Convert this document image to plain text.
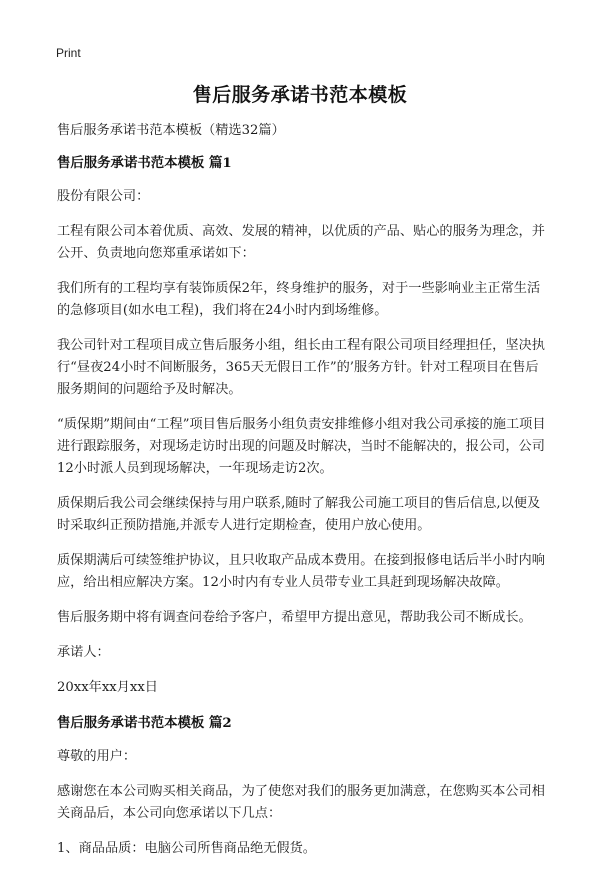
Print
售后服务承诺书范本模板

售后服务承诺书范本模板（精选32篇）

售后服务承诺书范本模板 篇1

股份有限公司：

工程有限公司本着优质、高效、发展的精神，以优质的产品、贴心的服务为理念，并公开、负责地向您郑重承诺如下：

我们所有的工程均享有装饰质保2年，终身维护的服务，对于一些影响业主正常生活的急修项目(如水电工程)，我们将在24小时内到场维修。

我公司针对工程项目成立售后服务小组，组长由工程有限公司项目经理担任，坚决执行“昼夜24小时不间断服务，365天无假日工作”的’服务方针。针对工程项目在售后服务期间的问题给予及时解决。

“质保期”期间由“工程”项目售后服务小组负责安排维修小组对我公司承接的施工项目进行跟踪服务，对现场走访时出现的问题及时解决，当时不能解决的，报公司，公司12小时派人员到现场解决，一年现场走访2次。

质保期后我公司会继续保持与用户联系,随时了解我公司施工项目的售后信息,以便及时采取纠正预防措施,并派专人进行定期检查，使用户放心使用。

质保期满后可续签维护协议，且只收取产品成本费用。在接到报修电话后半小时内响应，给出相应解决方案。12小时内有专业人员带专业工具赶到现场解决故障。

售后服务期中将有调查问卷给予客户，希望甲方提出意见，帮助我公司不断成长。

承诺人：

20xx年xx月xx日

售后服务承诺书范本模板 篇2

尊敬的用户：

感谢您在本公司购买相关商品，为了使您对我们的服务更加满意，在您购买本公司相关商品后，本公司向您承诺以下几点：

1、商品品质：电脑公司所售商品绝无假货。
